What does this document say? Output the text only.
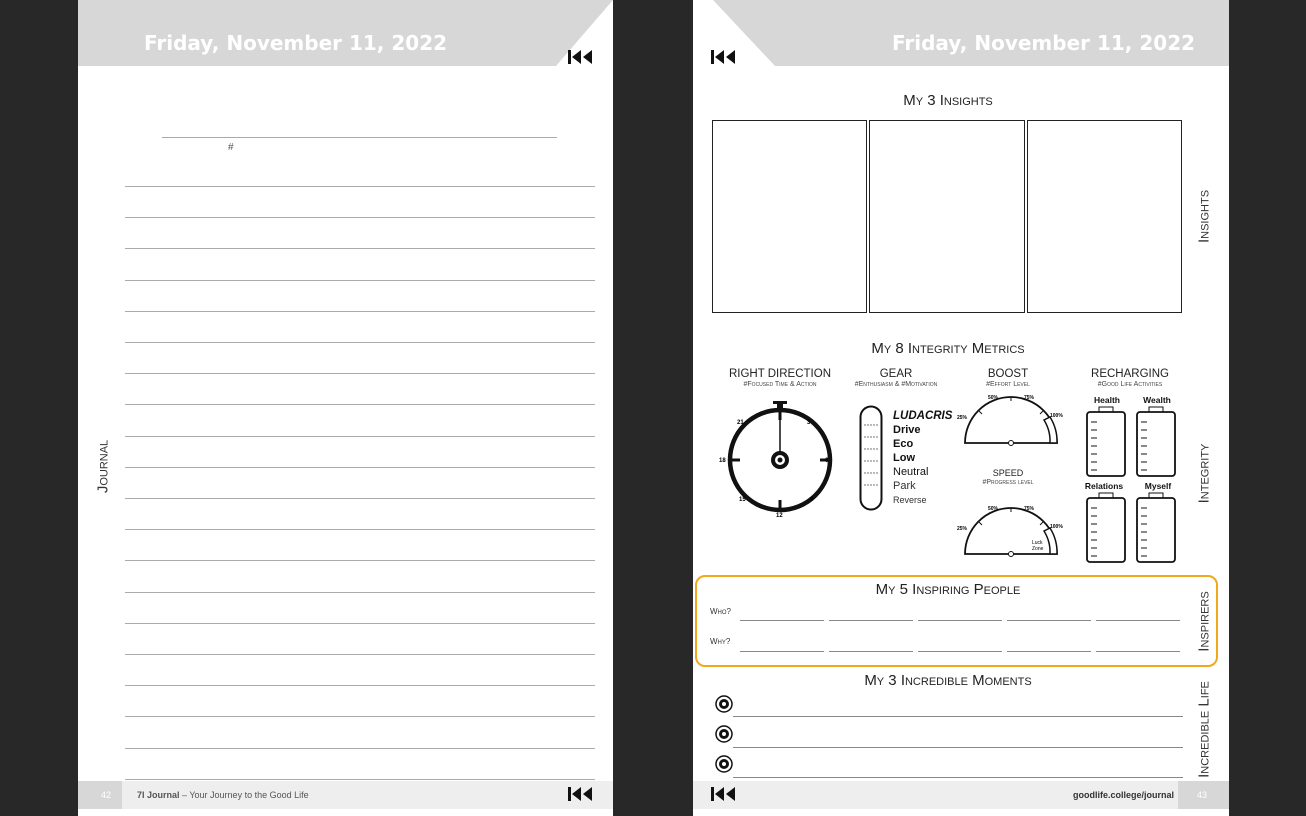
Friday, November 11, 2022
Journal
#
42	7I Journal – Your Journey to the Good Life
Friday, November 11, 2022
My 3 Insights
Insights
My 8 Integrity Metrics
Integrity
RIGHT DIRECTION
#Focused Time & Action
3
6
9
12
15
18
21
GEAR
#Enthusiasm & #Motivation
LUDACRIS
Drive
Eco
Low
Neutral
Park
Reverse
BOOST
#Effort Level
25%
50%	75%
100%
SPEED
#Progress level
25%
50%	75%
100%
Luck
Zone
RECHARGING
#Good Life Activities
Health	Wealth
Relations	Myself
My 5 Inspiring People
Who?
Why?	Inspirers
My 3 Incredible Moments
Incredible Life
goodlife.college/journal	43
